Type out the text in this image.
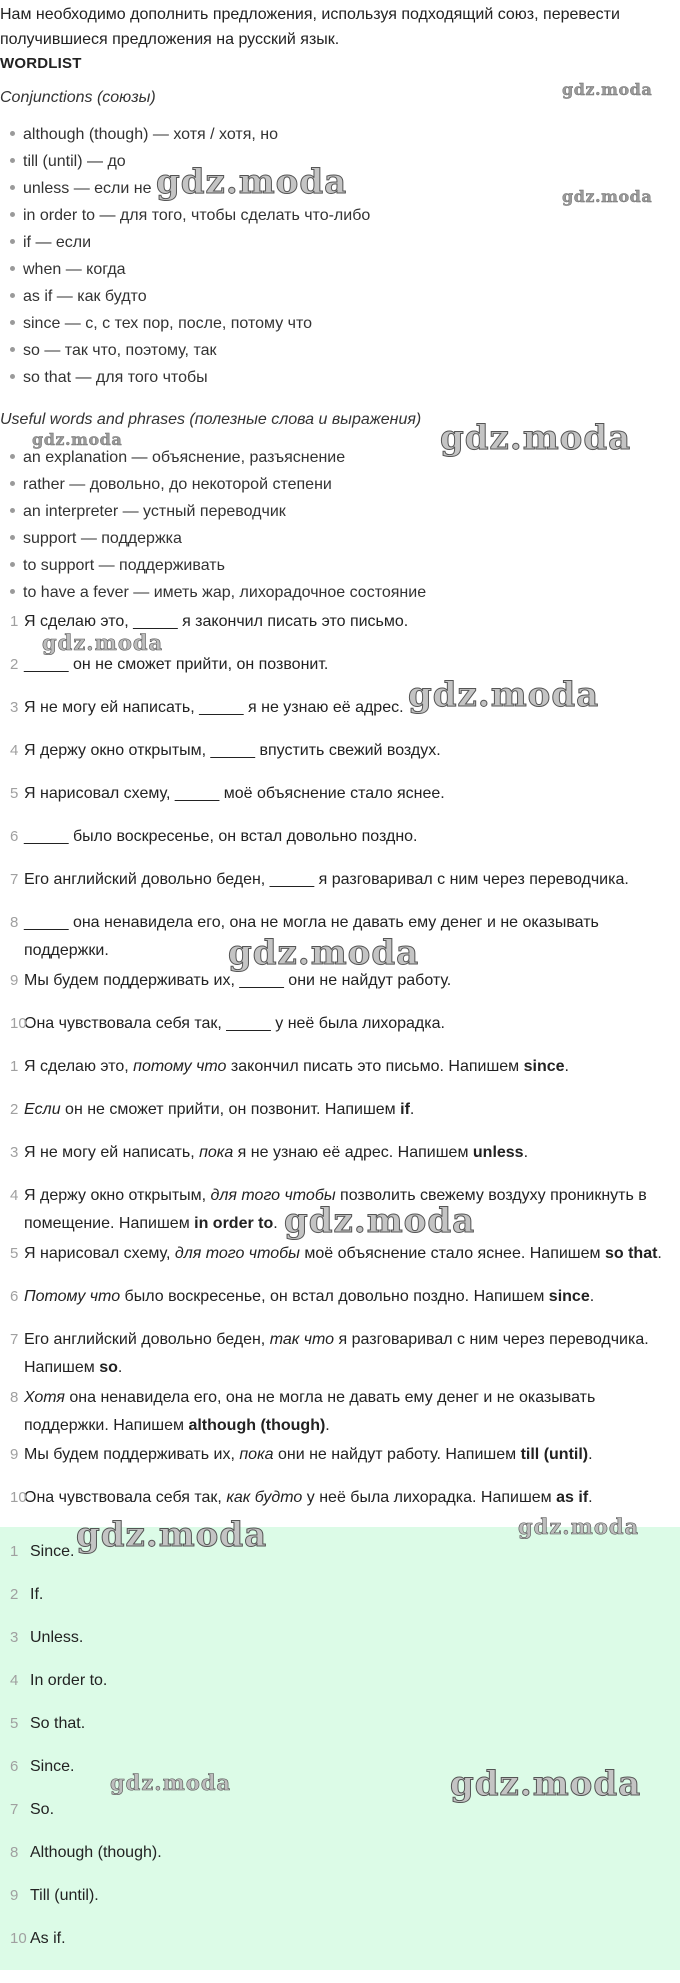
Нам необходимо дополнить предложения, используя подходящий союз, перевести получившиеся предложения на русский язык.
WORDLIST
Conjunctions (союзы)
although (though) — хотя / хотя, но
till (until) — до
unless — если не
in order to — для того, чтобы сделать что-либо
if — если
when — когда
as if — как будто
since — с, с тех пор, после, потому что
so — так что, поэтому, так
so that — для того чтобы
Useful words and phrases (полезные слова и выражения)
an explanation — объяснение, разъяснение
rather — довольно, до некоторой степени
an interpreter — устный переводчик
support — поддержка
to support — поддерживать
to have a fever — иметь жар, лихорадочное состояние
1 Я сделаю это, _____ я закончил писать это письмо.
2 _____ он не сможет прийти, он позвонит.
3 Я не могу ей написать, _____ я не узнаю её адрес.
4 Я держу окно открытым, _____ впустить свежий воздух.
5 Я нарисовал схему, _____ моё объяснение стало яснее.
6 _____ было воскресенье, он встал довольно поздно.
7 Его английский довольно беден, _____ я разговаривал с ним через переводчика.
8 _____ она ненавидела его, она не могла не давать ему денег и не оказывать поддержки.
9 Мы будем поддерживать их, _____ они не найдут работу.
10
Она чувствовала себя так, _____ у неё была лихорадка.
1 Я сделаю это, потому что закончил писать это письмо. Напишем since.
2 Если он не сможет прийти, он позвонит. Напишем if.
3 Я не могу ей написать, пока я не узнаю её адрес. Напишем unless.
4 Я держу окно открытым, для того чтобы позволить свежему воздуху проникнуть в помещение. Напишем in order to.
5 Я нарисовал схему, для того чтобы моё объяснение стало яснее. Напишем so that.
6 Потому что было воскресенье, он встал довольно поздно. Напишем since.
7 Его английский довольно беден, так что я разговаривал с ним через переводчика. Напишем so.
8 Хотя она ненавидела его, она не могла не давать ему денег и не оказывать поддержки. Напишем although (though).
9 Мы будем поддерживать их, пока они не найдут работу. Напишем till (until).
10
Она чувствовала себя так, как будто у неё была лихорадка. Напишем as if.
1 Since.
2 If.
3 Unless.
4 In order to.
5 So that.
6 Since.
7 So.
8 Although (though).
9 Till (until).
10 As if.
gdz.moda
gdz.moda	gdz.moda
gdz.moda	gdz.moda
gdz.moda
gdz.moda
gdz.moda
gdz.moda
gdz.moda	gdz.moda
gdz.moda	gdz.moda
